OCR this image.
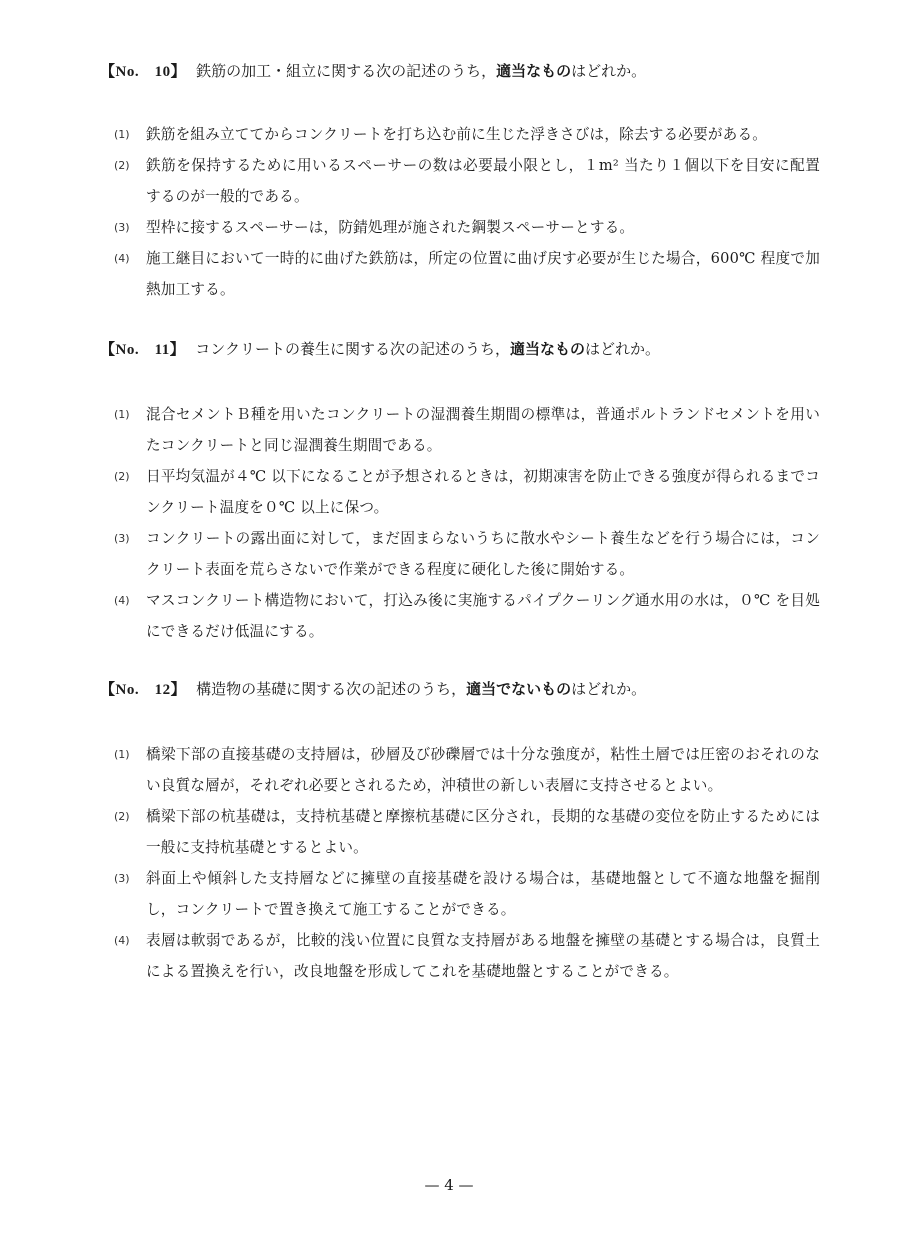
【No.　10】 鉄筋の加工・組立に関する次の記述のうち，適当なものはどれか。
(1)	鉄筋を組み立ててからコンクリートを打ち込む前に生じた浮きさびは，除去する必要がある。
(2)	鉄筋を保持するために用いるスペーサーの数は必要最小限とし，１m² 当たり１個以下を目安に配置するのが一般的である。
(3)	型枠に接するスペーサーは，防錆処理が施された鋼製スペーサーとする。
(4)	施工継目において一時的に曲げた鉄筋は，所定の位置に曲げ戻す必要が生じた場合，600℃ 程度で加熱加工する。
【No.　11】 コンクリートの養生に関する次の記述のうち，適当なものはどれか。
(1)	混合セメントＢ種を用いたコンクリートの湿潤養生期間の標準は，普通ポルトランドセメントを用いたコンクリートと同じ湿潤養生期間である。
(2)	日平均気温が４℃ 以下になることが予想されるときは，初期凍害を防止できる強度が得られるまでコンクリート温度を０℃ 以上に保つ。
(3)	コンクリートの露出面に対して，まだ固まらないうちに散水やシート養生などを行う場合には，コンクリート表面を荒らさないで作業ができる程度に硬化した後に開始する。
(4)	マスコンクリート構造物において，打込み後に実施するパイプクーリング通水用の水は，０℃ を目処にできるだけ低温にする。
【No.　12】 構造物の基礎に関する次の記述のうち，適当でないものはどれか。
(1)	橋梁下部の直接基礎の支持層は，砂層及び砂礫層では十分な強度が，粘性土層では圧密のおそれのない良質な層が，それぞれ必要とされるため，沖積世の新しい表層に支持させるとよい。
(2)	橋梁下部の杭基礎は，支持杭基礎と摩擦杭基礎に区分され，長期的な基礎の変位を防止するためには一般に支持杭基礎とするとよい。
(3)	斜面上や傾斜した支持層などに擁壁の直接基礎を設ける場合は，基礎地盤として不適な地盤を掘削し，コンクリートで置き換えて施工することができる。
(4)	表層は軟弱であるが，比較的浅い位置に良質な支持層がある地盤を擁壁の基礎とする場合は，良質土による置換えを行い，改良地盤を形成してこれを基礎地盤とすることができる。
— 4 —
